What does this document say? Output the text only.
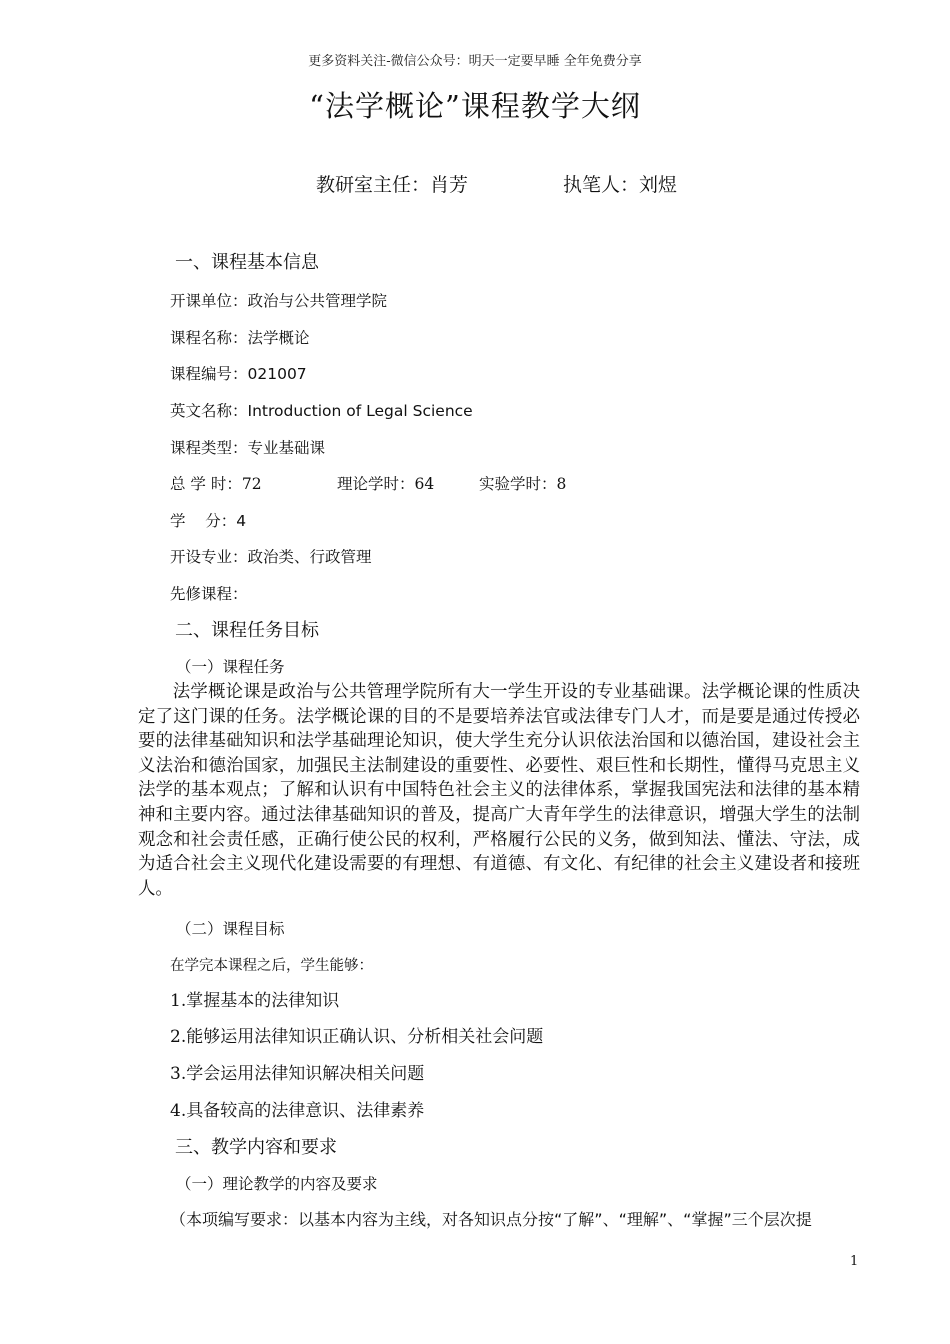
更多资料关注-微信公众号：明天一定要早睡 全年免费分享
“法学概论”课程教学大纲
教研室主任：肖芳	执笔人：刘煜
一、课程基本信息
开课单位：政治与公共管理学院
课程名称：法学概论
课程编号：021007
英文名称：Introduction of Legal Science
课程类型：专业基础课
总 学 时：72	理论学时：64	实验学时：8
学    分：4
开设专业：政治类、行政管理
先修课程：
二、课程任务目标
（一）课程任务
法学概论课是政治与公共管理学院所有大一学生开设的专业基础课。法学概论课的性质决定了这门课的任务。法学概论课的目的不是要培养法官或法律专门人才，而是要是通过传授必要的法律基础知识和法学基础理论知识，使大学生充分认识依法治国和以德治国，建设社会主义法治和德治国家，加强民主法制建设的重要性、必要性、艰巨性和长期性，懂得马克思主义法学的基本观点；了解和认识有中国特色社会主义的法律体系，掌握我国宪法和法律的基本精神和主要内容。通过法律基础知识的普及，提高广大青年学生的法律意识，增强大学生的法制观念和社会责任感，正确行使公民的权利，严格履行公民的义务，做到知法、懂法、守法，成为适合社会主义现代化建设需要的有理想、有道德、有文化、有纪律的社会主义建设者和接班人。
（二）课程目标
在学完本课程之后，学生能够：
1.掌握基本的法律知识
2.能够运用法律知识正确认识、分析相关社会问题
3.学会运用法律知识解决相关问题
4.具备较高的法律意识、法律素养
三、教学内容和要求
（一）理论教学的内容及要求
（本项编写要求：以基本内容为主线，对各知识点分按“了解”、“理解”、“掌握”三个层次提
1
